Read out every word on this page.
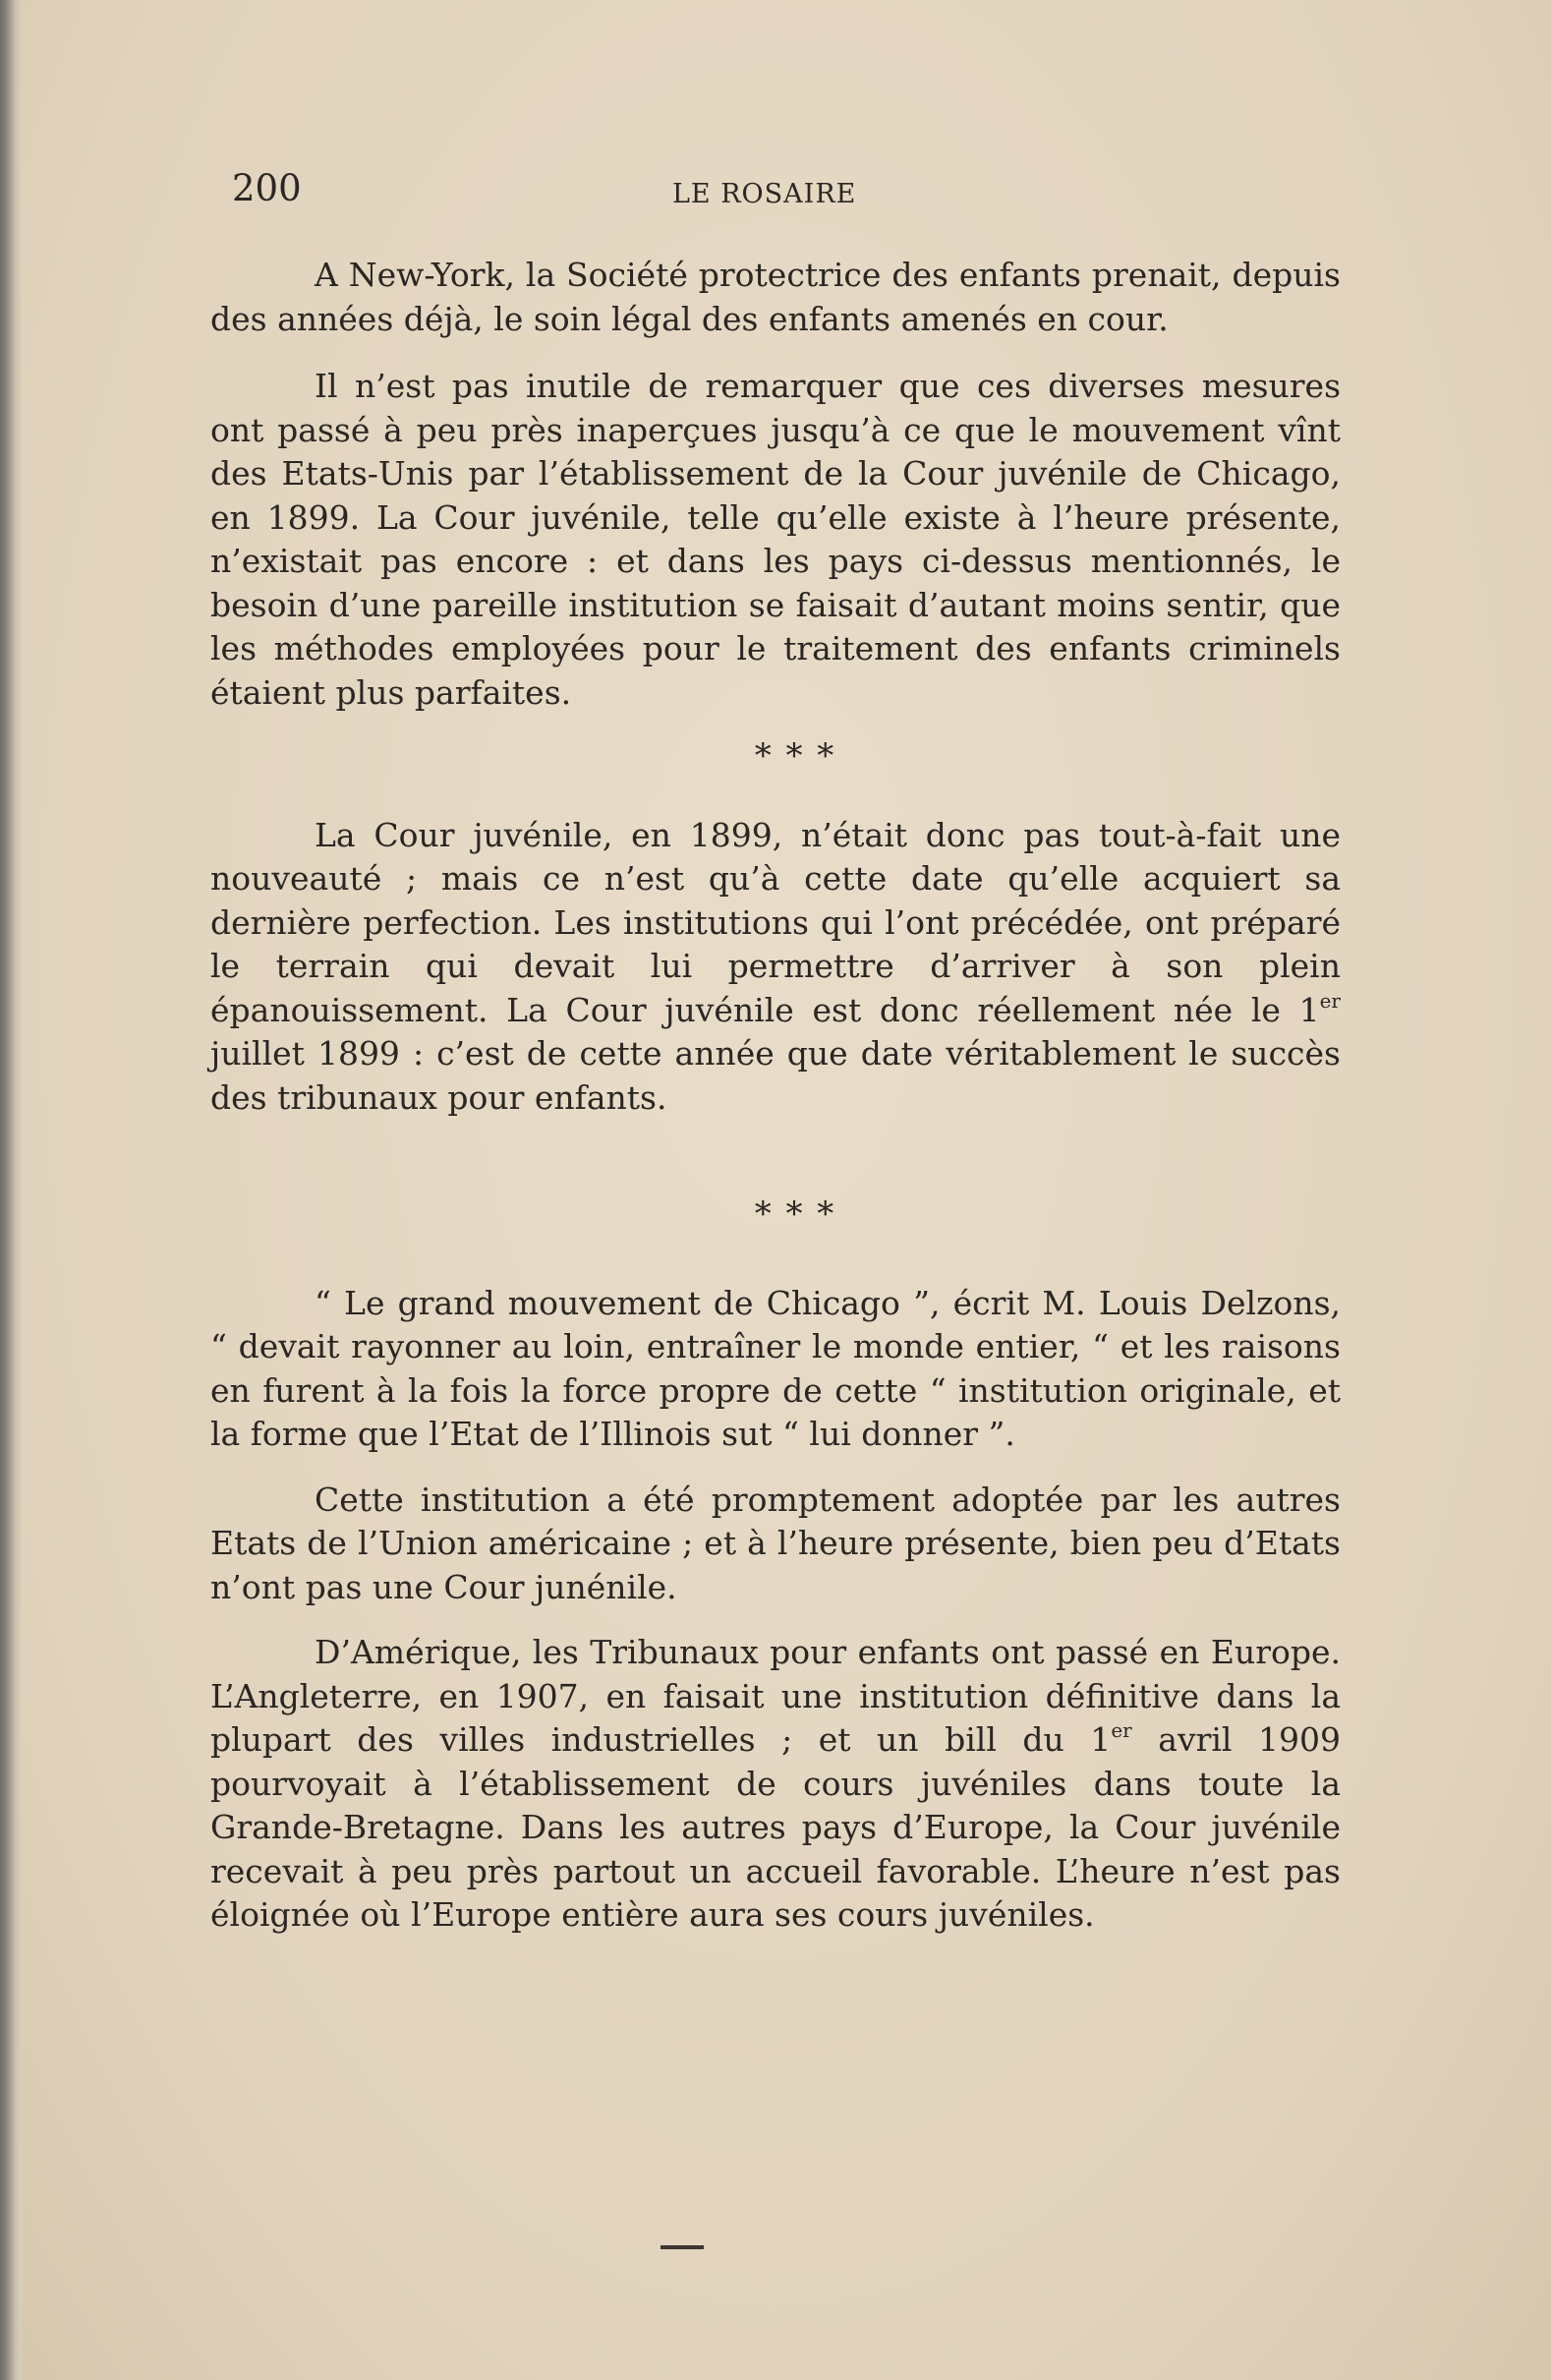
200	LE ROSAIRE

A New-York, la Société protectrice des enfants prenait, depuis des années déjà, le soin légal des enfants amenés en cour.

Il n’est pas inutile de remarquer que ces diverses mesures ont passé à peu près inaperçues jusqu’à ce que le mouvement vînt des Etats-Unis par l’établissement de la Cour juvénile de Chicago, en 1899. La Cour juvénile, telle qu’elle existe à l’heure présente, n’existait pas encore : et dans les pays ci-dessus mentionnés, le besoin d’une pareille institution se faisait d’autant moins sentir, que les méthodes employées pour le traitement des enfants criminels étaient plus parfaites.

* * *

La Cour juvénile, en 1899, n’était donc pas tout-à-fait une nouveauté ; mais ce n’est qu’à cette date qu’elle acquiert sa dernière perfection. Les institutions qui l’ont précédée, ont préparé le terrain qui devait lui permettre d’arriver à son plein épanouissement. La Cour juvénile est donc réellement née le 1er juillet 1899 : c’est de cette année que date véritablement le succès des tribunaux pour enfants.

* * *

“ Le grand mouvement de Chicago ”, écrit M. Louis Delzons, “ devait rayonner au loin, entraîner le monde entier, “ et les raisons en furent à la fois la force propre de cette “ institution originale, et la forme que l’Etat de l’Illinois sut “ lui donner ”.

Cette institution a été promptement adoptée par les autres Etats de l’Union américaine ; et à l’heure présente, bien peu d’Etats n’ont pas une Cour junénile.

D’Amérique, les Tribunaux pour enfants ont passé en Europe. L’Angleterre, en 1907, en faisait une institution définitive dans la plupart des villes industrielles ; et un bill du 1er avril 1909 pourvoyait à l’établissement de cours juvéniles dans toute la Grande-Bretagne. Dans les autres pays d’Europe, la Cour juvénile recevait à peu près partout un accueil favorable. L’heure n’est pas éloignée où l’Europe entière aura ses cours juvéniles.
